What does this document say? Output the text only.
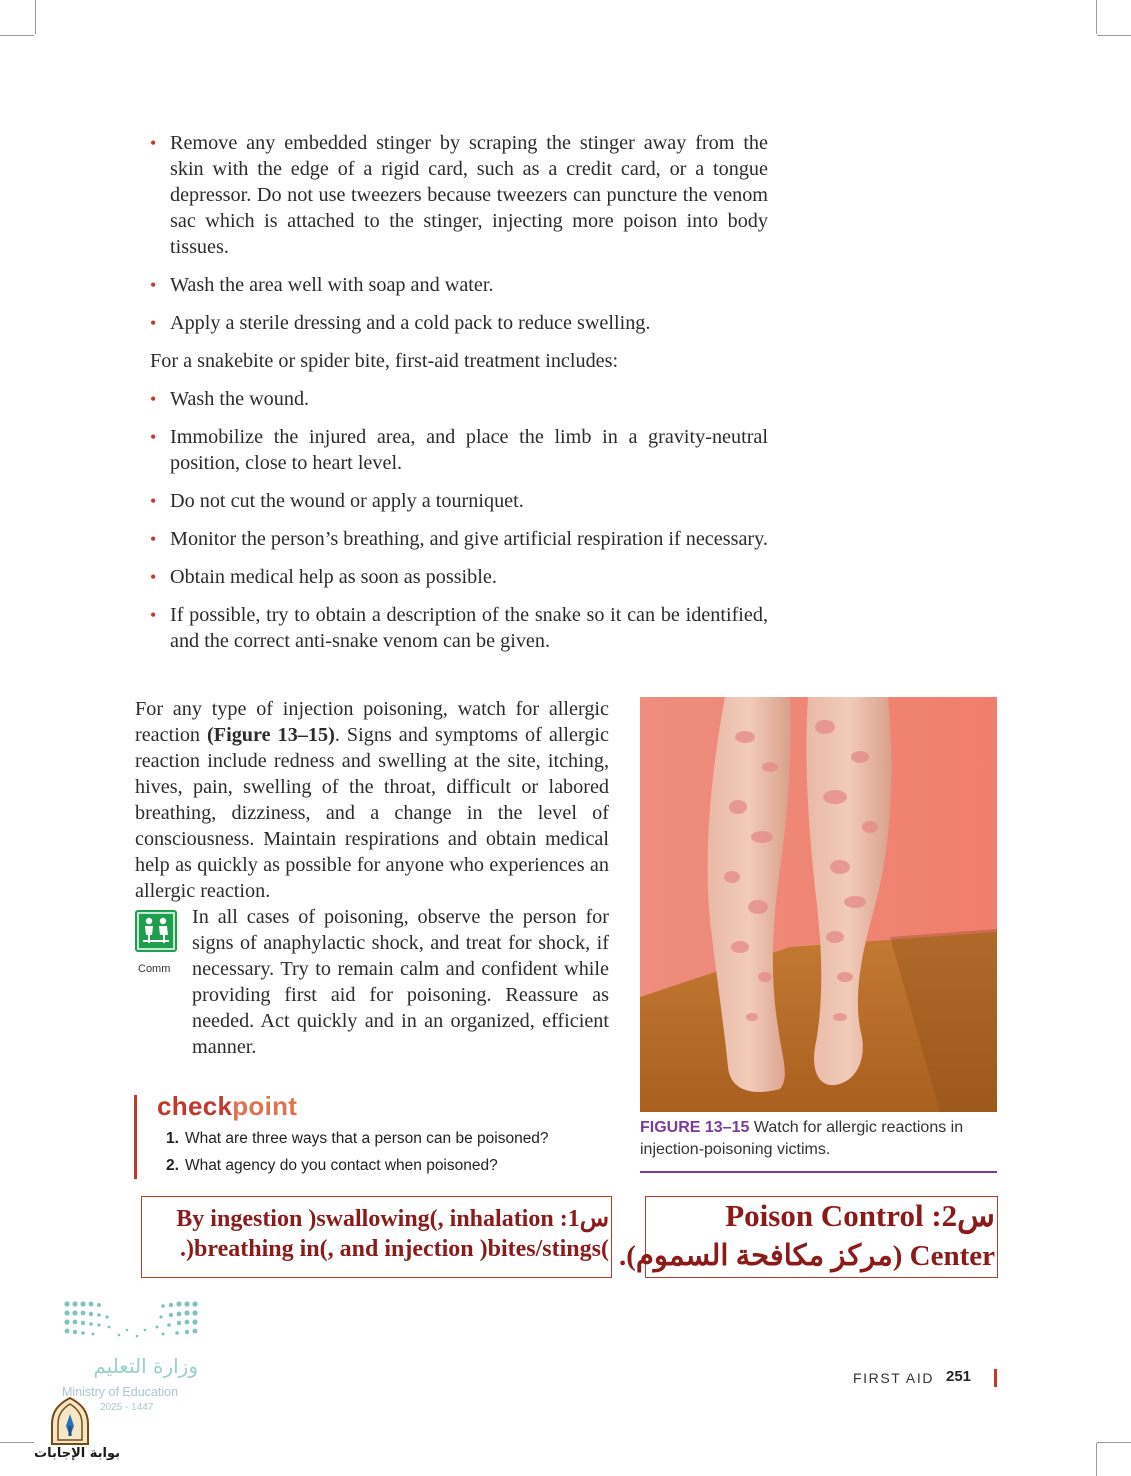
• Remove any embedded stinger by scraping the stinger away from the skin with the edge of a rigid card, such as a credit card, or a tongue depressor. Do not use tweezers because tweezers can puncture the venom sac which is attached to the stinger, injecting more poison into body tissues.
• Wash the area well with soap and water.
• Apply a sterile dressing and a cold pack to reduce swelling.

For a snakebite or spider bite, first-aid treatment includes:

• Wash the wound.
• Immobilize the injured area, and place the limb in a gravity-neutral position, close to heart level.
• Do not cut the wound or apply a tourniquet.
• Monitor the person’s breathing, and give artificial respiration if necessary.
• Obtain medical help as soon as possible.
• If possible, try to obtain a description of the snake so it can be identified, and the correct anti-snake venom can be given.

For any type of injection poisoning, watch for allergic reaction (Figure 13–15). Signs and symptoms of allergic reaction include redness and swelling at the site, itching, hives, pain, swelling of the throat, difficult or labored breathing, dizziness, and a change in the level of consciousness. Maintain respirations and obtain medical help as quickly as possible for anyone who experiences an allergic reaction.

Comm

In all cases of poisoning, observe the person for signs of anaphylactic shock, and treat for shock, if necessary. Try to remain calm and confident while providing first aid for poisoning. Reassure as needed. Act quickly and in an organized, efficient manner.

FIGURE 13–15 Watch for allergic reactions in injection-poisoning victims.
checkpoint
1. What are three ways that a person can be poisoned?
2. What agency do you contact when poisoned?
س1: By ingestion )swallowing(, inhalation
)breathing in(, and injection )bites/stings(.
س2: Poison Control
Center (مركز مكافحة السموم).
وزارة التعليم
Ministry of Education
2025 - 1447
بوابة الإجابات
FIRST AID 251
